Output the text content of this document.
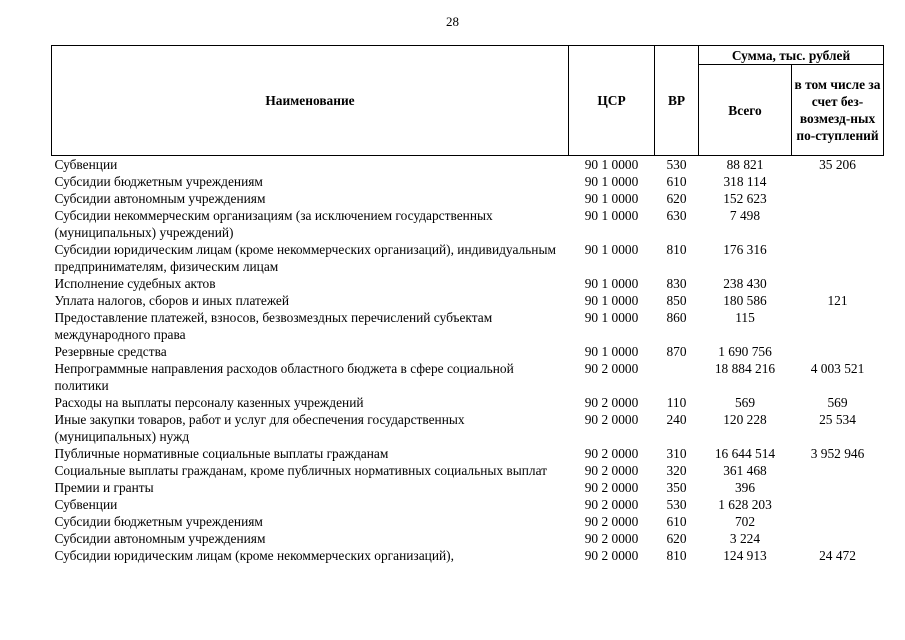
28
Наименование	ЦСР	ВР	Сумма, тыс. рублей	
			Всего	в том числе за счет без-возмезд-ных по-ступлений
Субвенции	90 1 0000	530	88 821	35 206
Субсидии бюджетным учреждениям	90 1 0000	610	318 114	
Субсидии автономным учреждениям	90 1 0000	620	152 623	
Субсидии некоммерческим организациям (за исключением государственных (муниципальных) учреждений)	90 1 0000	630	7 498	
Субсидии юридическим лицам (кроме некоммерческих организаций), индивидуальным предпринимателям, физическим лицам	90 1 0000	810	176 316	
Исполнение судебных актов	90 1 0000	830	238 430	
Уплата налогов, сборов и иных платежей	90 1 0000	850	180 586	121
Предоставление платежей, взносов, безвозмездных перечислений субъектам международного права	90 1 0000	860	115	
Резервные средства	90 1 0000	870	1 690 756	
Непрограммные направления расходов областного бюджета в сфере социальной политики	90 2 0000		18 884 216	4 003 521
Расходы на выплаты персоналу казенных учреждений	90 2 0000	110	569	569
Иные закупки товаров, работ и услуг для обеспечения государственных (муниципальных) нужд	90 2 0000	240	120 228	25 534
Публичные нормативные социальные выплаты гражданам	90 2 0000	310	16 644 514	3 952 946
Социальные выплаты гражданам, кроме публичных нормативных социальных выплат	90 2 0000	320	361 468	
Премии и гранты	90 2 0000	350	396	
Субвенции	90 2 0000	530	1 628 203	
Субсидии бюджетным учреждениям	90 2 0000	610	702	
Субсидии автономным учреждениям	90 2 0000	620	3 224	
Субсидии юридическим лицам (кроме некоммерческих организаций),	90 2 0000	810	124 913	24 472
